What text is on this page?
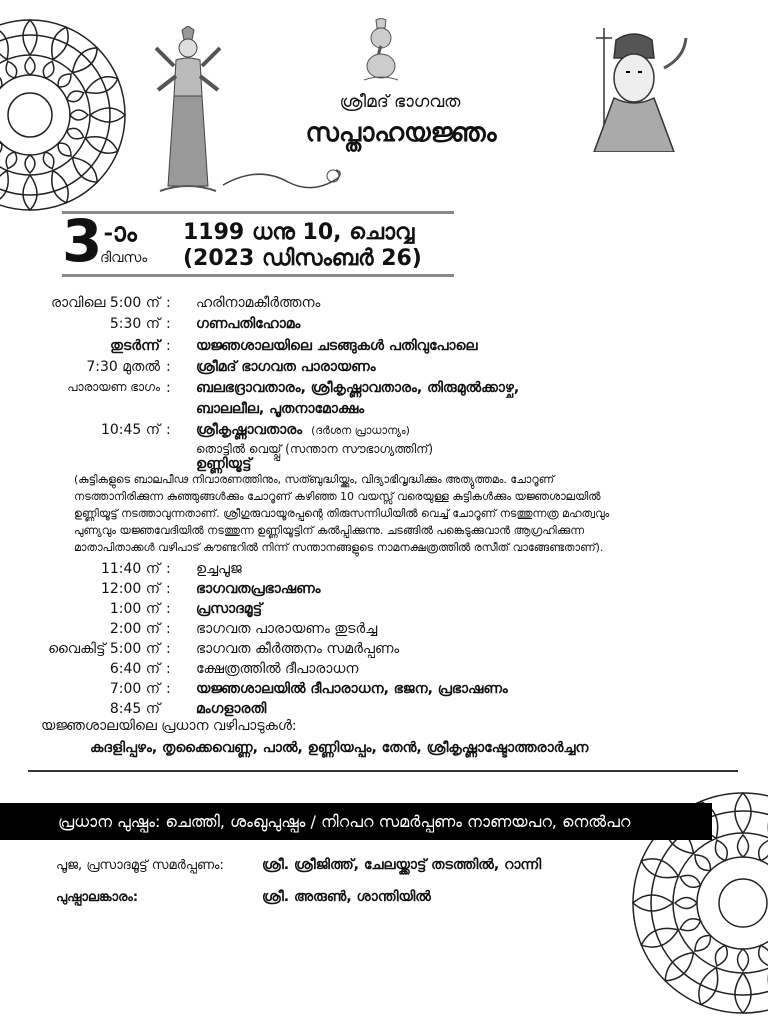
ശ്രീമദ് ഭാഗവത
സപ്താഹയജ്ഞം
3 -ാം
ദിവസം
1199 ധനു 10, ചൊവ്വ
(2023 ഡിസംബർ 26)
രാവിലെ 5:00 ന് : ഹരിനാമകീർത്തനം
5:30 ന് : ഗണപതിഹോമം
തുടർന്ന് : യജ്ഞശാലയിലെ ചടങ്ങുകൾ പതിവുപോലെ
7:30 മുതൽ : ശ്രീമദ് ഭാഗവത പാരായണം
പാരായണ ഭാഗം : ബലഭദ്രാവതാരം, ശ്രീകൃഷ്ണാവതാരം, തിരുമുൽക്കാഴ്ച,
ബാലലീല, പൂതനാമോക്ഷം
10:45 ന് : ശ്രീകൃഷ്ണാവതാരം (ദർശന പ്രാധാന്യം)
തൊട്ടിൽ വെയ്പ്പ് (സന്താന സൗഭാഗ്യത്തിന്)
ഉണ്ണിയൂട്ട്

(കുട്ടികളുടെ ബാലപീഢ നിവാരണത്തിനും, സത്ബുദ്ധിയ്ക്കും, വിദ്യാഭിവൃദ്ധിക്കും അത്യുത്തമം. ചോറൂണ്

നടത്താനിരിക്കുന്ന കുഞ്ഞുങ്ങൾക്കും ചോറൂണ് കഴിഞ്ഞ 10 വയസ്സ് വരെയുള്ള കുട്ടികൾക്കും യജ്ഞശാലയിൽ

ഉണ്ണിയൂട്ട് നടത്താവുന്നതാണ്. ശ്രീഗുരുവായൂരപ്പന്റെ തിരുസന്നിധിയിൽ വെച്ച് ചോറൂണ് നടത്തുന്നത്ര മഹത്വവും

പുണ്യവും യജ്ഞവേദിയിൽ നടത്തുന്ന ഉണ്ണിയൂട്ടിന് കൽപ്പിക്കുന്നു. ചടങ്ങിൽ പങ്കെടുക്കുവാൻ ആഗ്രഹിക്കുന്ന

മാതാപിതാക്കൾ വഴിപാട് കൗണ്ടറിൽ നിന്ന് സന്താനങ്ങളുടെ നാമനക്ഷത്രത്തിൽ രസീത് വാങ്ങേണ്ടതാണ്).

11:40 ന് : ഉച്ചപൂജ
12:00 ന് : ഭാഗവതപ്രഭാഷണം
1:00 ന് : പ്രസാദമൂട്ട്
2:00 ന് : ഭാഗവത പാരായണം തുടർച്ച
വൈകിട്ട് 5:00 ന് : ഭാഗവത കീർത്തനം സമർപ്പണം
6:40 ന് : ക്ഷേത്രത്തിൽ ദീപാരാധന
7:00 ന് : യജ്ഞശാലയിൽ ദീപാരാധന, ഭജന, പ്രഭാഷണം
8:45 ന്	മംഗളാരതി
യജ്ഞശാലയിലെ പ്രധാന വഴിപാടുകൾ:
കദളിപ്പഴം, തൃക്കൈവെണ്ണ, പാൽ, ഉണ്ണിയപ്പം, തേൻ, ശ്രീകൃഷ്ണാഷ്ടോത്തരാർച്ചന
പ്രധാന പുഷ്പം: ചെത്തി, ശംഖുപുഷ്പം / നിറപറ സമർപ്പണം നാണയപറ, നെൽപറ
പൂജ, പ്രസാദമൂട്ട് സമർപ്പണം:	ശ്രീ. ശ്രീജിത്ത്, ചേലയ്ക്കാട്ട് തടത്തിൽ, റാന്നി
പുഷ്പാലങ്കാരം:	ശ്രീ. അരുൺ, ശാന്തിയിൽ
